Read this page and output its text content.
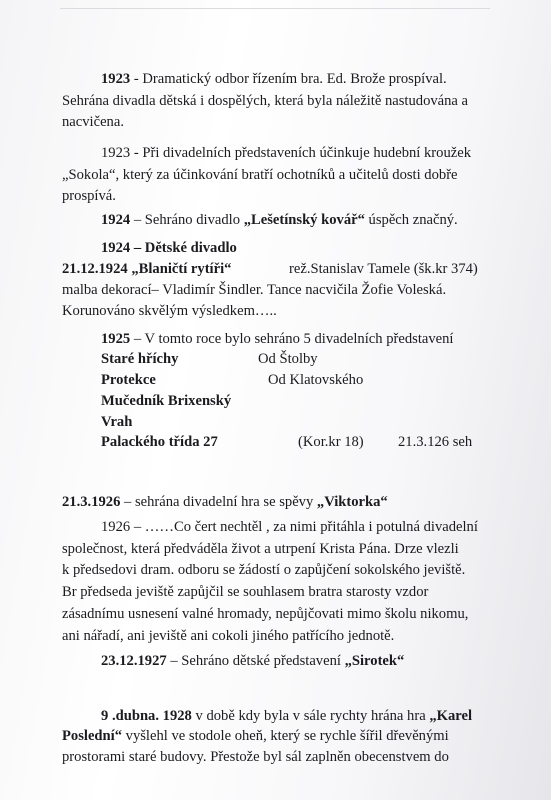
1923 - Dramatický odbor řízením bra. Ed. Brože prospíval.
Sehrána divadla dětská i dospělých, která byla náležitě nastudována a
nacvičena.
1923 - Při divadelních představeních účinkuje hudební kroužek
„Sokola“, který za účinkování bratří ochotníků a učitelů dosti dobře
prospívá.
1924 – Sehráno divadlo „Lešetínský kovář“ úspěch značný.
1924 – Dětské divadlo
21.12.1924 „Blaničtí rytíři“	rež.Stanislav Tamele (šk.kr 374)
malba dekorací– Vladimír Šindler. Tance nacvičila Žofie Voleská.
Korunováno skvělým výsledkem…..
1925 – V tomto roce bylo sehráno 5 divadelních představení
Staré hříchy	Od Štolby
Protekce	Od Klatovského
Mučedník Brixenský
Vrah
Palackého třída 27	(Kor.kr 18) 21.3.126 seh
21.3.1926 – sehrána divadelní hra se spěvy „Viktorka“
1926 – ……Co čert nechtěl , za nimi přitáhla i potulná divadelní
společnost, která předváděla život a utrpení Krista Pána. Drze vlezli
k předsedovi dram. odboru se žádostí o zapůjčení sokolského jeviště.
Br předseda jeviště zapůjčil se souhlasem bratra starosty vzdor
zásadnímu usnesení valné hromady, nepůjčovati mimo školu nikomu,
ani nářadí, ani jeviště ani cokoli jiného patřícího jednotě.
23.12.1927 – Sehráno dětské představení „Sirotek“
9 .dubna. 1928 v době kdy byla v sále rychty hrána hra „Karel
Poslední“ vyšlehl ve stodole oheň, který se rychle šířil dřevěnými
prostorami staré budovy. Přestože byl sál zaplněn obecenstvem do
